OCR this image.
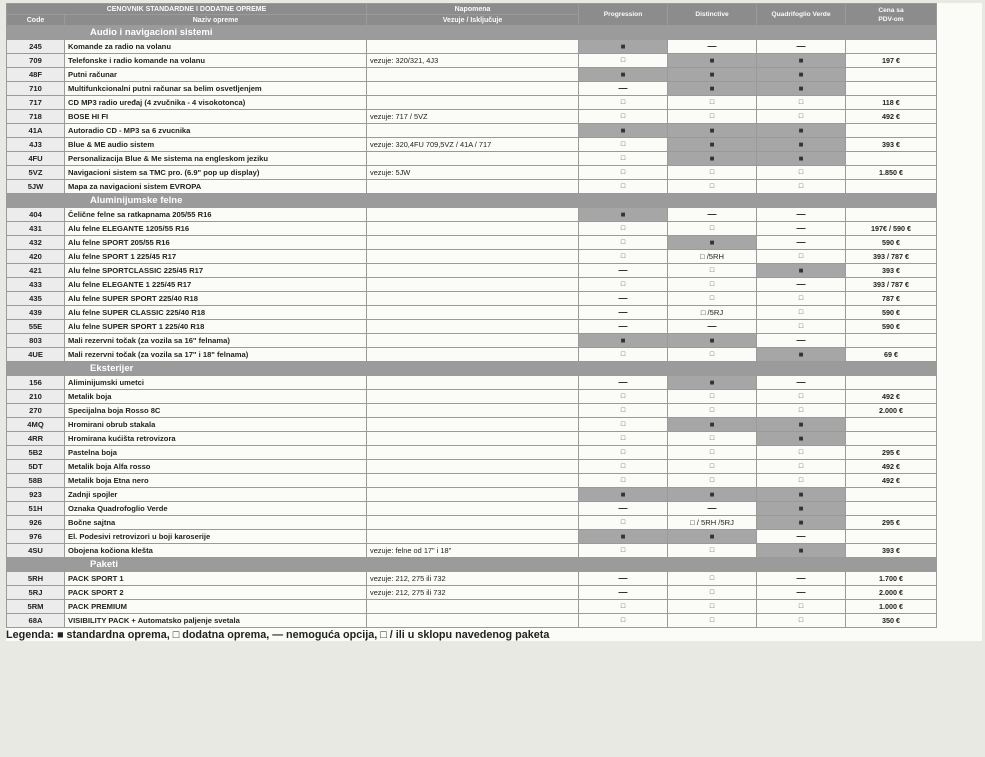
CENOVNIK STANDARDNE I DODATNE OPREME		Napomena	Progression	Distinctive	Quadrifoglio Verde	Cena sa
PDV-om
Code	Naziv opreme	Vezuje / Isključuje				
	Audio i navigacioni sistemi					
245	Komande za radio na volanu		■	—	—	
709	Telefonske i radio komande na volanu	vezuje: 320/321, 4J3	□	■	■	197 €
48F	Putni računar		■	■	■	
710	Multifunkcionalni putni računar sa belim osvetljenjem		—	■	■	
717	CD MP3 radio uređaj (4 zvučnika - 4 visokotonca)		□	□	□	118 €
718	BOSE HI FI	vezuje: 717 / 5VZ	□	□	□	492 €
41A	Autoradio CD - MP3 sa 6 zvucnika		■	■	■	
4J3	Blue & ME audio sistem	vezuje: 320,4FU 709,5VZ / 41A / 717	□	■	■	393 €
4FU	Personalizacija Blue & Me sistema na engleskom jeziku		□	■	■	
5VZ	Navigacioni sistem sa TMC pro. (6.9" pop up display)	vezuje: 5JW	□	□	□	1.850 €
5JW	Mapa za navigacioni sistem EVROPA		□	□	□	
	Aluminijumske felne					
404	Čelične felne sa ratkapnama 205/55 R16		■	—	—	
431	Alu felne ELEGANTE 1205/55 R16		□	□	—	197€ / 590 €
432	Alu felne SPORT 205/55 R16		□	■	—	590 €
420	Alu felne SPORT 1 225/45 R17		□	□ /5RH	□	393 / 787 €
421	Alu felne SPORTCLASSIC 225/45 R17		—	□	■	393 €
433	Alu felne ELEGANTE 1 225/45 R17		□	□	—	393 / 787 €
435	Alu felne SUPER SPORT 225/40 R18		—	□	□	787 €
439	Alu felne SUPER CLASSIC 225/40 R18		—	□ /5RJ	□	590 €
55E	Alu felne SUPER SPORT 1 225/40 R18		—	—	□	590 €
803	Mali rezervni točak (za vozila sa 16" felnama)		■	■	—	
4UE	Mali rezervni točak (za vozila sa 17" i 18" felnama)		□	□	■	69 €
	Eksterijer					
156	Aliminijumski umetci		—	■	—	
210	Metalik boja		□	□	□	492 €
270	Specijalna boja Rosso 8C		□	□	□	2.000 €
4MQ	Hromirani obrub stakala		□	■	■	
4RR	Hromirana kućišta retrovizora		□	□	■	
5B2	Pastelna boja		□	□	□	295 €
5DT	Metalik boja Alfa rosso		□	□	□	492 €
58B	Metalik boja Etna nero		□	□	□	492 €
923	Zadnji spojler		■	■	■	
51H	Oznaka Quadrofoglio Verde		—	—	■	
926	Bočne sajtna		□	□ / 5RH /5RJ	■	295 €
976	El. Podesivi retrovizori u boji karoserije		■	■	—	
4SU	Obojena kočiona klešta	vezuje: felne od 17" i 18"	□	□	■	393 €
	Paketi					
5RH	PACK SPORT 1	vezuje: 212, 275 ili 732	—	□	—	1.700 €
5RJ	PACK SPORT 2	vezuje: 212, 275 ili 732	—	□	—	2.000 €
5RM	PACK PREMIUM		□	□	□	1.000 €
68A	VISIBILITY PACK + Automatsko paljenje svetala		□	□	□	350 €
Legenda: ■ standardna oprema, □ dodatna oprema, — nemoguća opcija, □ / ili u sklopu navedenog paketa
